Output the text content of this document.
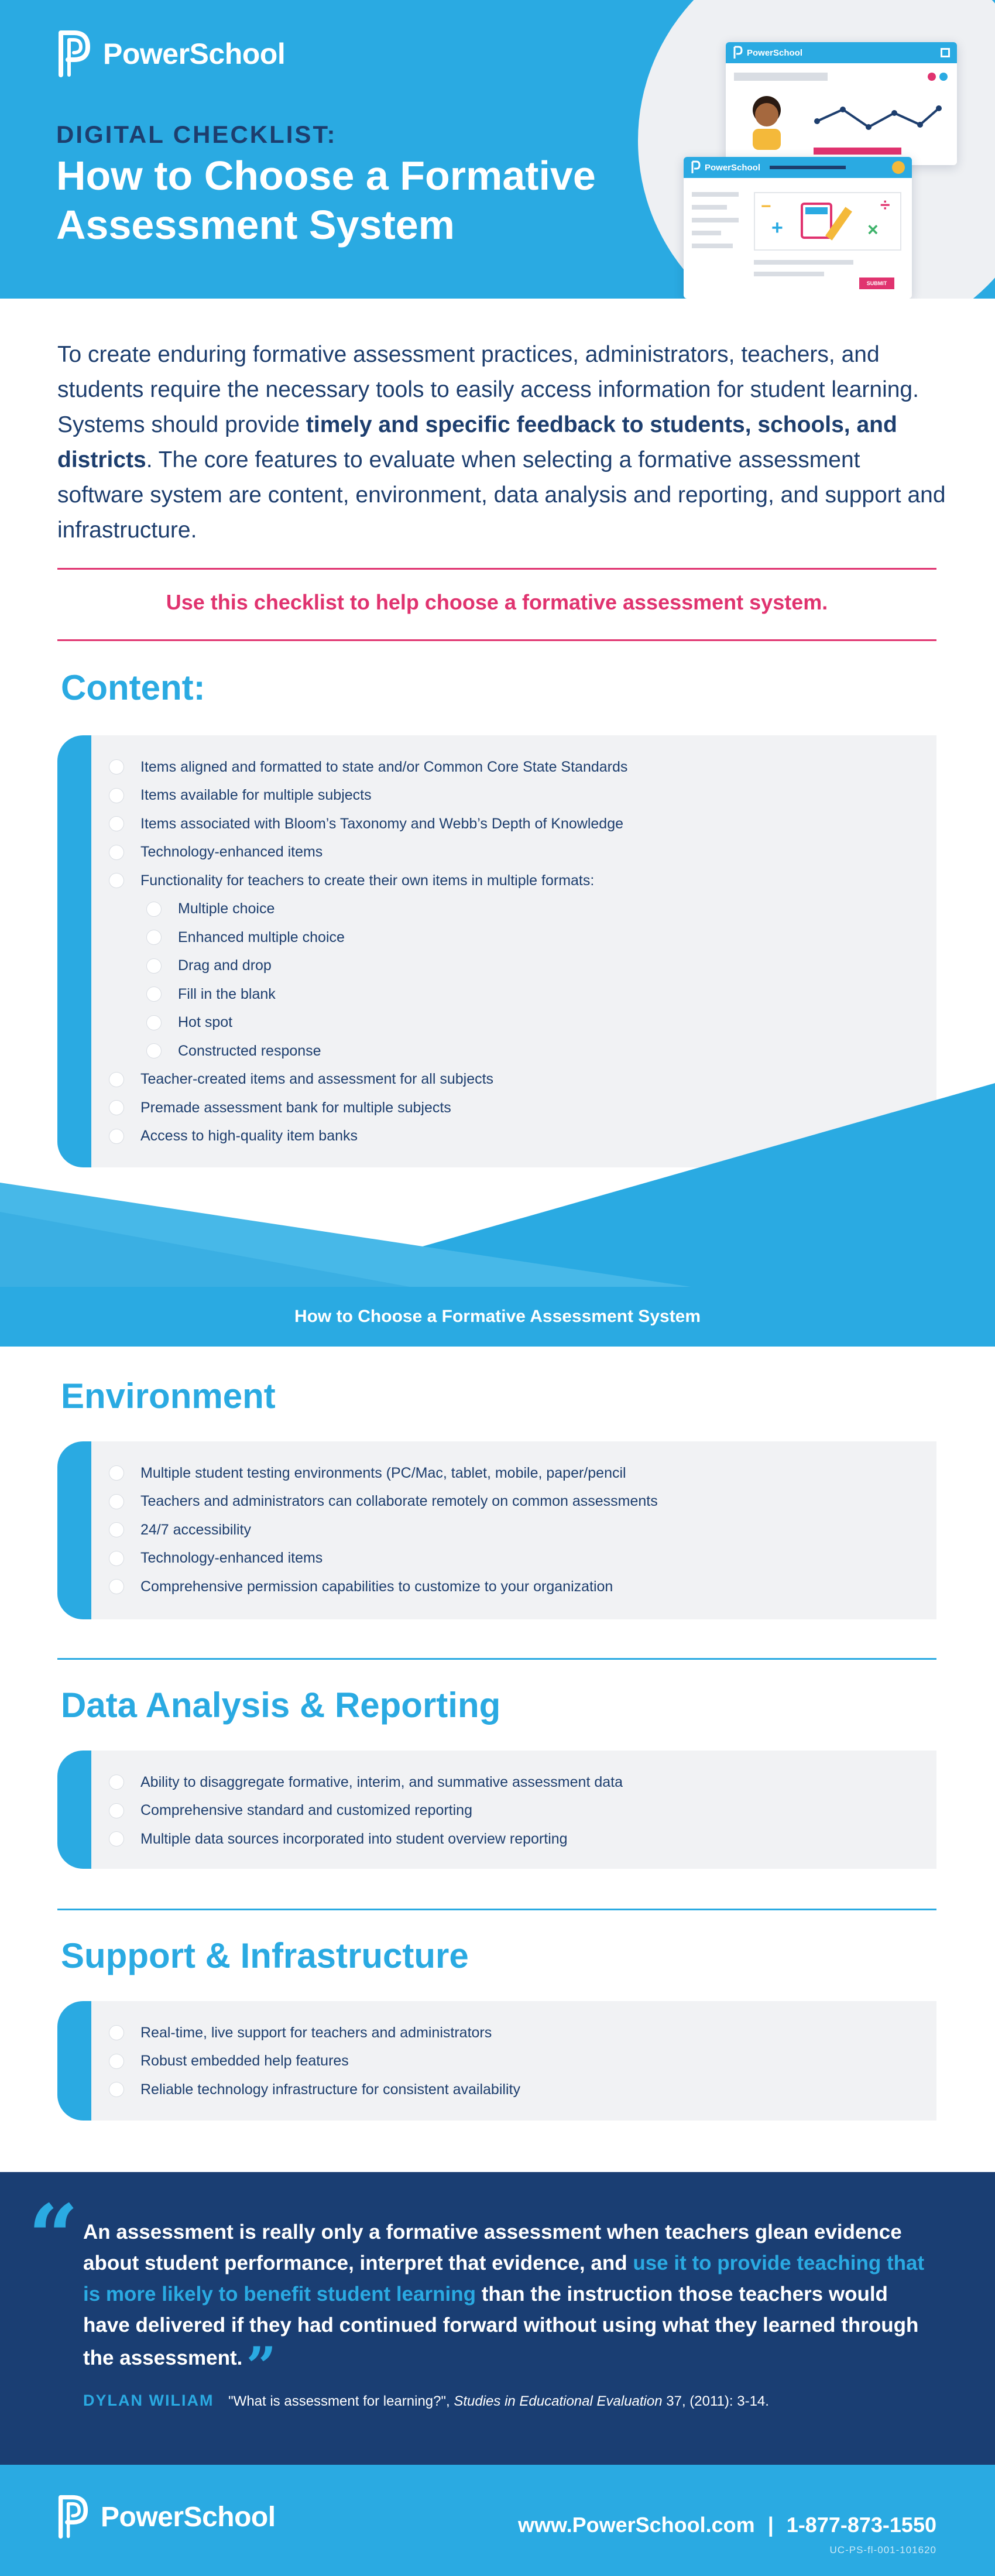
PowerSchool
DIGITAL CHECKLIST:
How to Choose a Formative Assessment System
PowerSchool
PowerSchool
+
−	÷
×
SUBMIT

To create enduring formative assessment practices, administrators, teachers, and students require the necessary tools to easily access information for student learning. Systems should provide timely and specific feedback to students, schools, and districts. The core features to evaluate when selecting a formative assessment software system are content, environment, data analysis and reporting, and support and infrastructure.

Use this checklist to help choose a formative assessment system.
Content:
Items aligned and formatted to state and/or Common Core State Standards
Items available for multiple subjects
Items associated with Bloom’s Taxonomy and Webb’s Depth of Knowledge
Technology-enhanced items
Functionality for teachers to create their own items in multiple formats:
Multiple choice
Enhanced multiple choice
Drag and drop
Fill in the blank
Hot spot
Constructed response
Teacher-created items and assessment for all subjects
Premade assessment bank for multiple subjects
Access to high-quality item banks
How to Choose a Formative Assessment System
Environment
Multiple student testing environments (PC/Mac, tablet, mobile, paper/pencil
Teachers and administrators can collaborate remotely on common assessments
24/7 accessibility
Technology-enhanced items
Comprehensive permission capabilities to customize to your organization
Data Analysis & Reporting
Ability to disaggregate formative, interim, and summative assessment data
Comprehensive standard and customized reporting
Multiple data sources incorporated into student overview reporting
Support & Infrastructure
Real-time, live support for teachers and administrators
Robust embedded help features
Reliable technology infrastructure for consistent availability
“ An assessment is really only a formative assessment when teachers glean evidence about student performance, interpret that evidence, and use it to provide teaching that is more likely to benefit student learning than the instruction those teachers would have delivered if they had continued forward without using what they learned through the assessment.”

DYLAN WILIAM "What is assessment for learning?", Studies in Educational Evaluation 37, (2011): 3-14.
PowerSchool	www.PowerSchool.com | 1-877-873-1550
UC-PS-fl-001-101620
